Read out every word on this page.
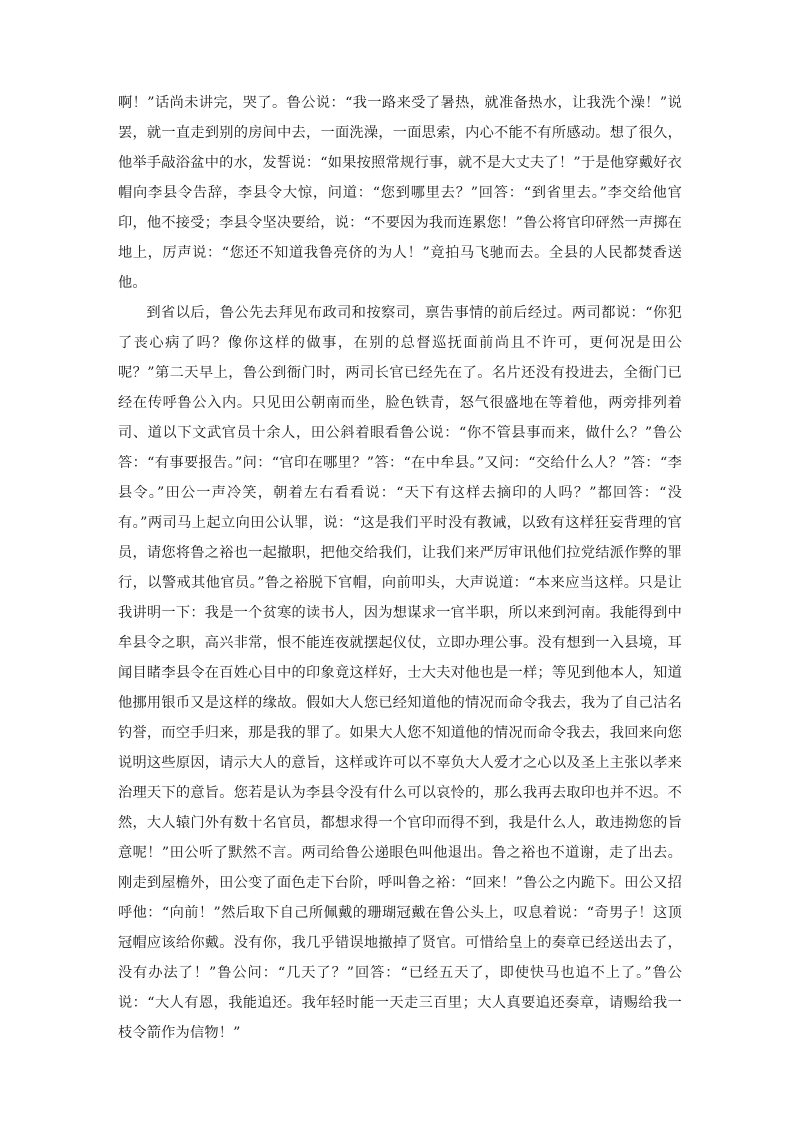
啊！”话尚未讲完，哭了。鲁公说：“我一路来受了暑热，就准备热水，让我洗个澡！”说罢，就一直走到别的房间中去，一面洗澡，一面思索，内心不能不有所感动。想了很久，他举手敲浴盆中的水，发誓说：“如果按照常规行事，就不是大丈夫了！”于是他穿戴好衣帽向李县令告辞，李县令大惊，问道：“您到哪里去？”回答：“到省里去。”李交给他官印，他不接受；李县令坚决要给，说：“不要因为我而连累您！”鲁公将官印砰然一声掷在地上，厉声说：“您还不知道我鲁亮侪的为人！”竟拍马飞驰而去。全县的人民都焚香送他。

到省以后，鲁公先去拜见布政司和按察司，禀告事情的前后经过。两司都说：“你犯了丧心病了吗？像你这样的做事，在别的总督巡抚面前尚且不许可，更何况是田公呢？”第二天早上，鲁公到衙门时，两司长官已经先在了。名片还没有投进去，全衙门已经在传呼鲁公入内。只见田公朝南而坐，脸色铁青，怒气很盛地在等着他，两旁排列着司、道以下文武官员十余人，田公斜着眼看鲁公说：“你不管县事而来，做什么？”鲁公答：“有事要报告。”问：“官印在哪里？”答：“在中牟县。”又问：“交给什么人？”答：“李县令。”田公一声冷笑，朝着左右看看说：“天下有这样去摘印的人吗？”都回答：“没有。”两司马上起立向田公认罪，说：“这是我们平时没有教诫，以致有这样狂妄背理的官员，请您将鲁之裕也一起撤职，把他交给我们，让我们来严厉审讯他们拉党结派作弊的罪行，以警戒其他官员。”鲁之裕脱下官帽，向前叩头，大声说道：“本来应当这样。只是让我讲明一下：我是一个贫寒的读书人，因为想谋求一官半职，所以来到河南。我能得到中牟县令之职，高兴非常，恨不能连夜就摆起仪仗，立即办理公事。没有想到一入县境，耳闻目睹李县令在百姓心目中的印象竟这样好，士大夫对他也是一样；等见到他本人，知道他挪用银币又是这样的缘故。假如大人您已经知道他的情况而命令我去，我为了自己沽名钓誉，而空手归来，那是我的罪了。如果大人您不知道他的情况而命令我去，我回来向您说明这些原因，请示大人的意旨，这样或许可以不辜负大人爱才之心以及圣上主张以孝来治理天下的意旨。您若是认为李县令没有什么可以哀怜的，那么我再去取印也并不迟。不然，大人辕门外有数十名官员，都想求得一个官印而得不到，我是什么人，敢违拗您的旨意呢！”田公听了默然不言。两司给鲁公递眼色叫他退出。鲁之裕也不道谢，走了出去。刚走到屋檐外，田公变了面色走下台阶，呼叫鲁之裕：“回来！”鲁公之内跪下。田公又招呼他：“向前！”然后取下自己所佩戴的珊瑚冠戴在鲁公头上，叹息着说：“奇男子！这顶冠帽应该给你戴。没有你，我几乎错误地撤掉了贤官。可惜给皇上的奏章已经送出去了，没有办法了！”鲁公问：“几天了？”回答：“已经五天了，即使快马也追不上了。”鲁公说：“大人有恩，我能追还。我年轻时能一天走三百里；大人真要追还奏章，请赐给我一枝令箭作为信物！”
